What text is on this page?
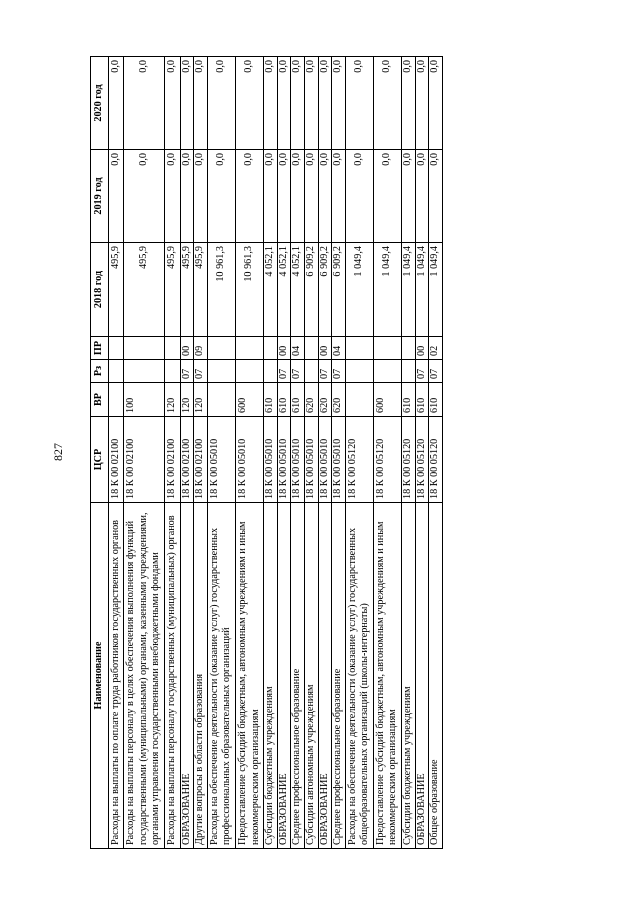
827
Наименование	ЦСР	ВР	Рз	ПР	2018 год	2019 год	2020 год
Расходы на выплаты по оплате труда работников государственных органов	18 К 00 02100				495,9	0,0	0,0
Расходы на выплаты персоналу в целях обеспечения выполнения функций государственными (муниципальными) органами, казенными учреждениями, органами управления государственными внебюджетными фондами	18 К 00 02100	100			495,9	0,0	0,0
Расходы на выплаты персоналу государственных (муниципальных) органов	18 К 00 02100	120			495,9	0,0	0,0
ОБРАЗОВАНИЕ	18 К 00 02100	120	07	00	495,9	0,0	0,0
Другие вопросы в области образования	18 К 00 02100	120	07	09	495,9	0,0	0,0
Расходы на обеспечение деятельности (оказание услуг) государственных профессиональных образовательных организаций	18 К 00 05010				10 961,3	0,0	0,0
Предоставление субсидий бюджетным, автономным учреждениям и иным некоммерческим организациям	18 К 00 05010	600			10 961,3	0,0	0,0
Субсидии бюджетным учреждениям	18 К 00 05010	610			4 052,1	0,0	0,0
ОБРАЗОВАНИЕ	18 К 00 05010	610	07	00	4 052,1	0,0	0,0
Среднее профессиональное образование	18 К 00 05010	610	07	04	4 052,1	0,0	0,0
Субсидии автономным учреждениям	18 К 00 05010	620			6 909,2	0,0	0,0
ОБРАЗОВАНИЕ	18 К 00 05010	620	07	00	6 909,2	0,0	0,0
Среднее профессиональное образование	18 К 00 05010	620	07	04	6 909,2	0,0	0,0
Расходы на обеспечение деятельности (оказание услуг) государственных общеобразовательных организаций (школы-интернаты)	18 К 00 05120				1 049,4	0,0	0,0
Предоставление субсидий бюджетным, автономным учреждениям и иным некоммерческим организациям	18 К 00 05120	600			1 049,4	0,0	0,0
Субсидии бюджетным учреждениям	18 К 00 05120	610			1 049,4	0,0	0,0
ОБРАЗОВАНИЕ	18 К 00 05120	610	07	00	1 049,4	0,0	0,0
Общее образование	18 К 00 05120	610	07	02	1 049,4	0,0	0,0
